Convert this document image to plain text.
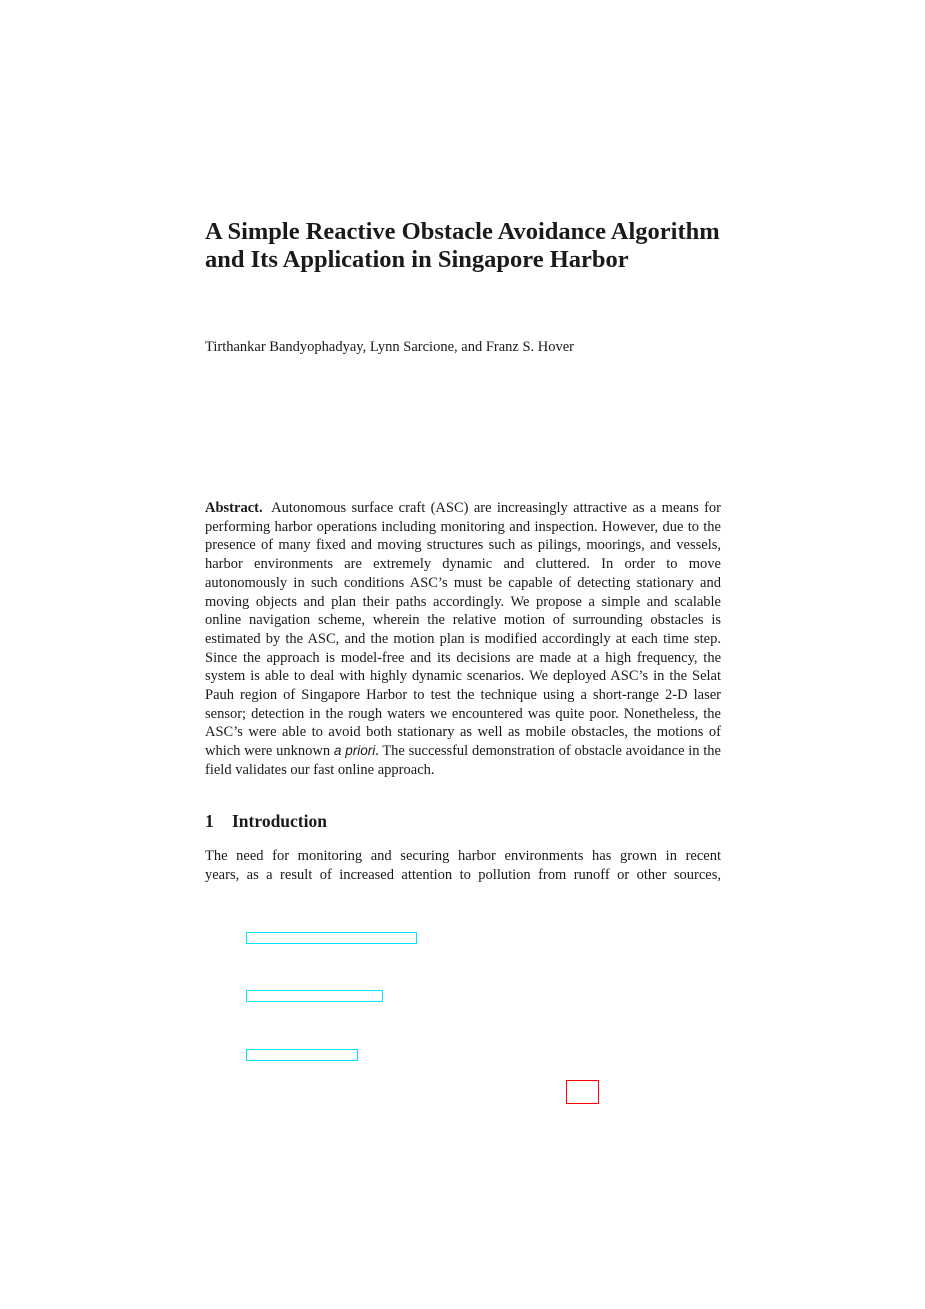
A Simple Reactive Obstacle Avoidance Algorithm and Its Application in Singapore Harbor

Tirthankar Bandyophadyay, Lynn Sarcione, and Franz S. Hover

Abstract. Autonomous surface craft (ASC) are increasingly attractive as a means for performing harbor operations including monitoring and inspection. However, due to the presence of many fixed and moving structures such as pilings, moorings, and vessels, harbor environments are extremely dynamic and cluttered. In order to move autonomously in such conditions ASC’s must be capable of detecting stationary and moving objects and plan their paths accordingly. We propose a simple and scalable online navigation scheme, wherein the relative motion of surrounding obstacles is estimated by the ASC, and the motion plan is modified accordingly at each time step. Since the approach is model-free and its decisions are made at a high frequency, the system is able to deal with highly dynamic scenarios. We deployed ASC’s in the Selat Pauh region of Singapore Harbor to test the technique using a short-range 2-D laser sensor; detection in the rough waters we encountered was quite poor. Nonetheless, the ASC’s were able to avoid both stationary as well as mobile obstacles, the motions of which were unknown a priori. The successful demonstration of obstacle avoidance in the field validates our fast online approach.

1 Introduction

The need for monitoring and securing harbor environments has grown in recent
years, as a result of increased attention to pollution from runoff or other sources,
